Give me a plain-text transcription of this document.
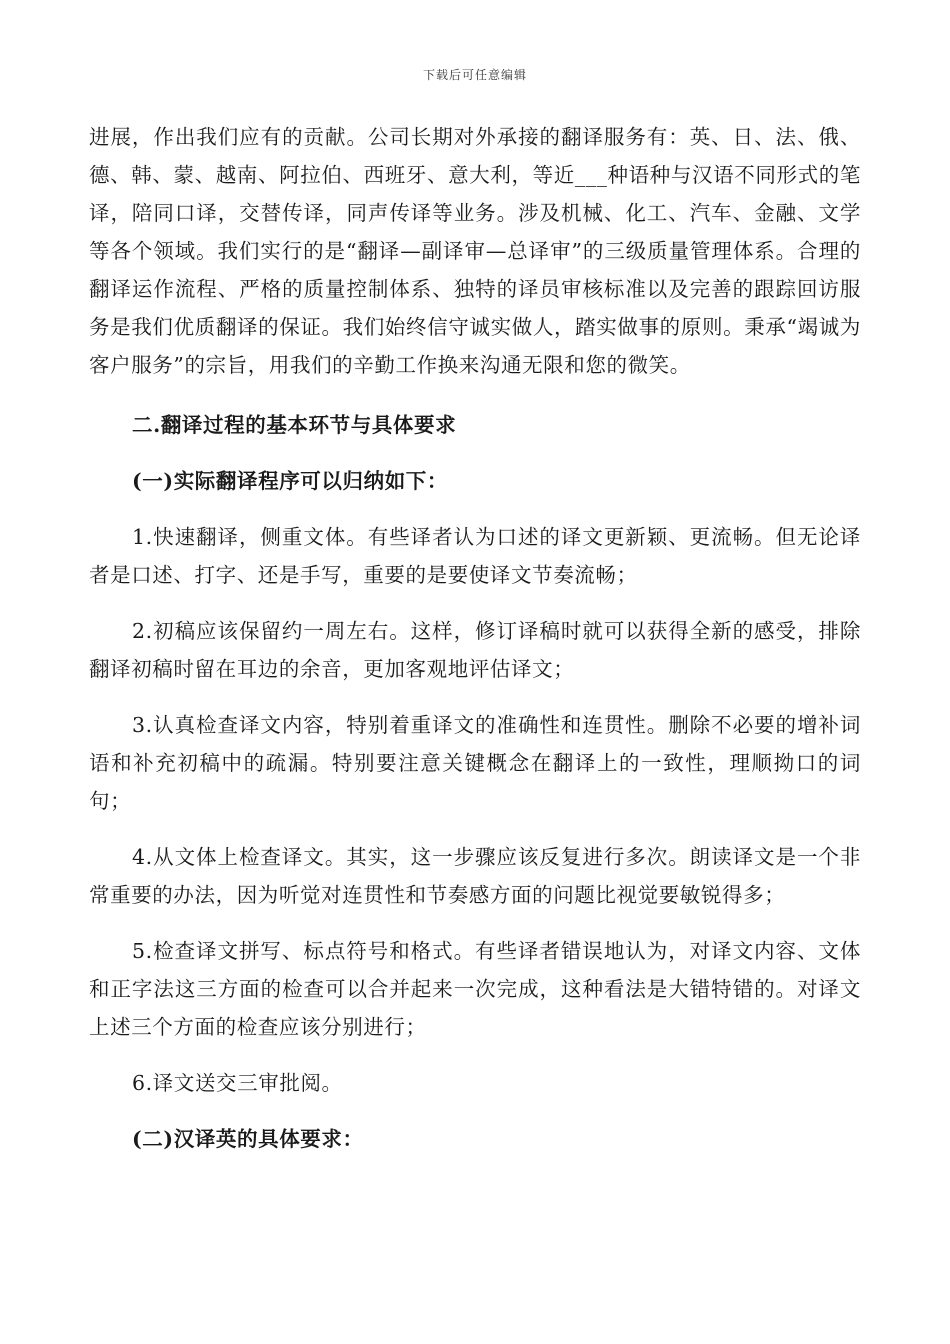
下载后可任意编辑

进展，作出我们应有的贡献。公司长期对外承接的翻译服务有：英、日、法、俄、德、韩、蒙、越南、阿拉伯、西班牙、意大利，等近___种语种与汉语不同形式的笔译，陪同口译，交替传译，同声传译等业务。涉及机械、化工、汽车、金融、文学等各个领域。我们实行的是“翻译—副译审—总译审”的三级质量管理体系。合理的翻译运作流程、严格的质量控制体系、独特的译员审核标准以及完善的跟踪回访服务是我们优质翻译的保证。我们始终信守诚实做人，踏实做事的原则。秉承“竭诚为客户服务”的宗旨，用我们的辛勤工作换来沟通无限和您的微笑。

二.翻译过程的基本环节与具体要求

(一)实际翻译程序可以归纳如下：

1.快速翻译，侧重文体。有些译者认为口述的译文更新颖、更流畅。但无论译者是口述、打字、还是手写，重要的是要使译文节奏流畅；

2.初稿应该保留约一周左右。这样，修订译稿时就可以获得全新的感受，排除翻译初稿时留在耳边的余音，更加客观地评估译文；

3.认真检查译文内容，特别着重译文的准确性和连贯性。删除不必要的增补词语和补充初稿中的疏漏。特别要注意关键概念在翻译上的一致性，理顺拗口的词句；

4.从文体上检查译文。其实，这一步骤应该反复进行多次。朗读译文是一个非常重要的办法，因为听觉对连贯性和节奏感方面的问题比视觉要敏锐得多；

5.检查译文拼写、标点符号和格式。有些译者错误地认为，对译文内容、文体和正字法这三方面的检查可以合并起来一次完成，这种看法是大错特错的。对译文上述三个方面的检查应该分别进行；

6.译文送交三审批阅。

(二)汉译英的具体要求：
